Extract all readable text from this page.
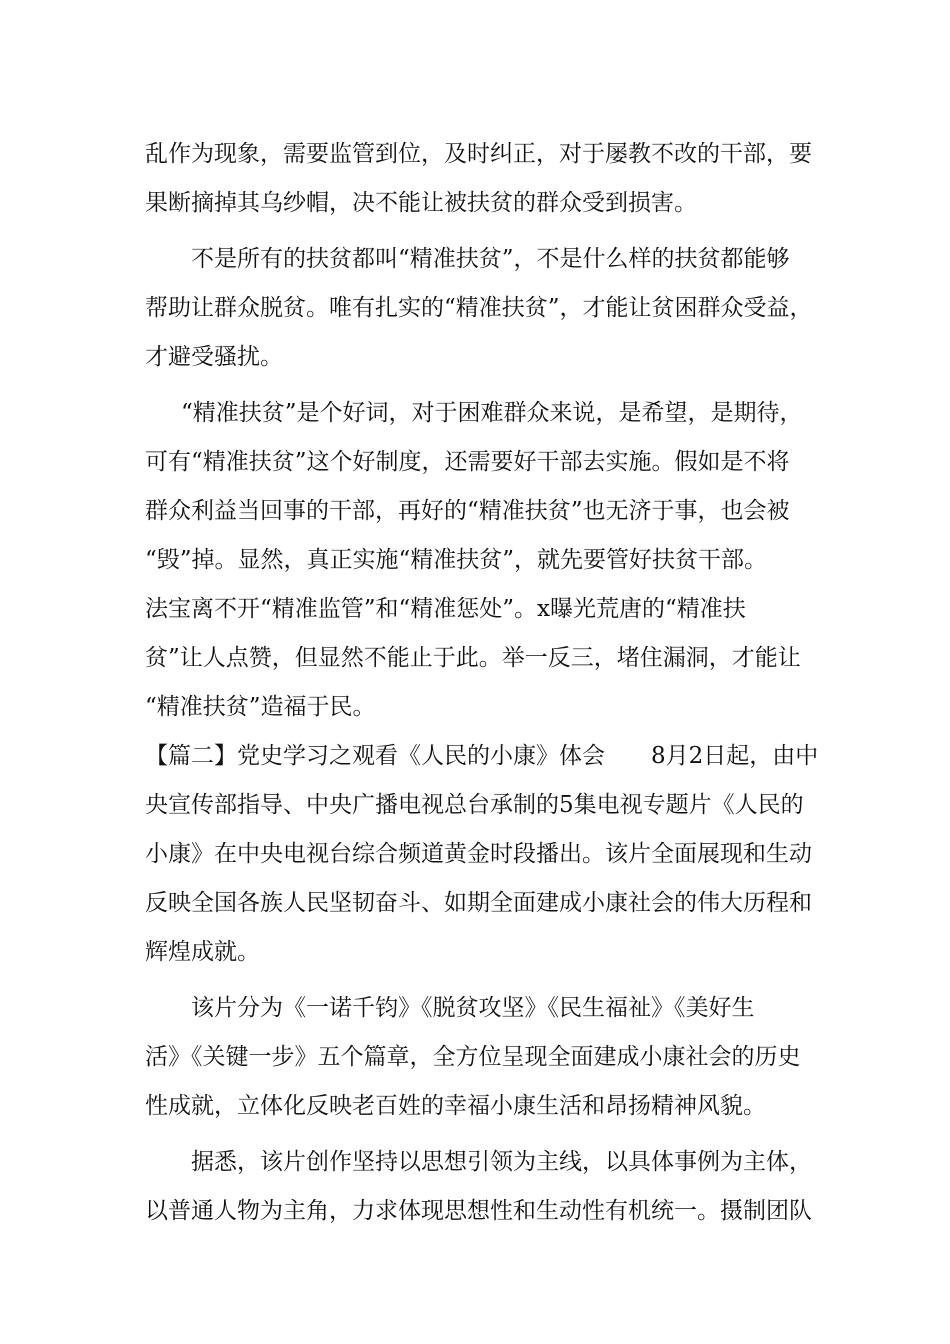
乱作为现象，需要监管到位，及时纠正，对于屡教不改的干部，要
果断摘掉其乌纱帽，决不能让被扶贫的群众受到损害。
不是所有的扶贫都叫“精准扶贫”，不是什么样的扶贫都能够
帮助让群众脱贫。唯有扎实的“精准扶贫”，才能让贫困群众受益，
才避受骚扰。
“精准扶贫”是个好词，对于困难群众来说，是希望，是期待，
可有“精准扶贫”这个好制度，还需要好干部去实施。假如是不将
群众利益当回事的干部，再好的“精准扶贫”也无济于事，也会被
“毁”掉。显然，真正实施“精准扶贫”，就先要管好扶贫干部。
法宝离不开“精准监管”和“精准惩处”。x曝光荒唐的“精准扶
贫”让人点赞，但显然不能止于此。举一反三，堵住漏洞，才能让
“精准扶贫”造福于民。
【篇二】党史学习之观看《人民的小康》体会　　8月2日起，由中
央宣传部指导、中央广播电视总台承制的5集电视专题片《人民的
小康》在中央电视台综合频道黄金时段播出。该片全面展现和生动
反映全国各族人民坚韧奋斗、如期全面建成小康社会的伟大历程和
辉煌成就。
该片分为《一诺千钧》《脱贫攻坚》《民生福祉》《美好生
活》《关键一步》五个篇章，全方位呈现全面建成小康社会的历史
性成就，立体化反映老百姓的幸福小康生活和昂扬精神风貌。
据悉，该片创作坚持以思想引领为主线，以具体事例为主体，
以普通人物为主角，力求体现思想性和生动性有机统一。摄制团队
